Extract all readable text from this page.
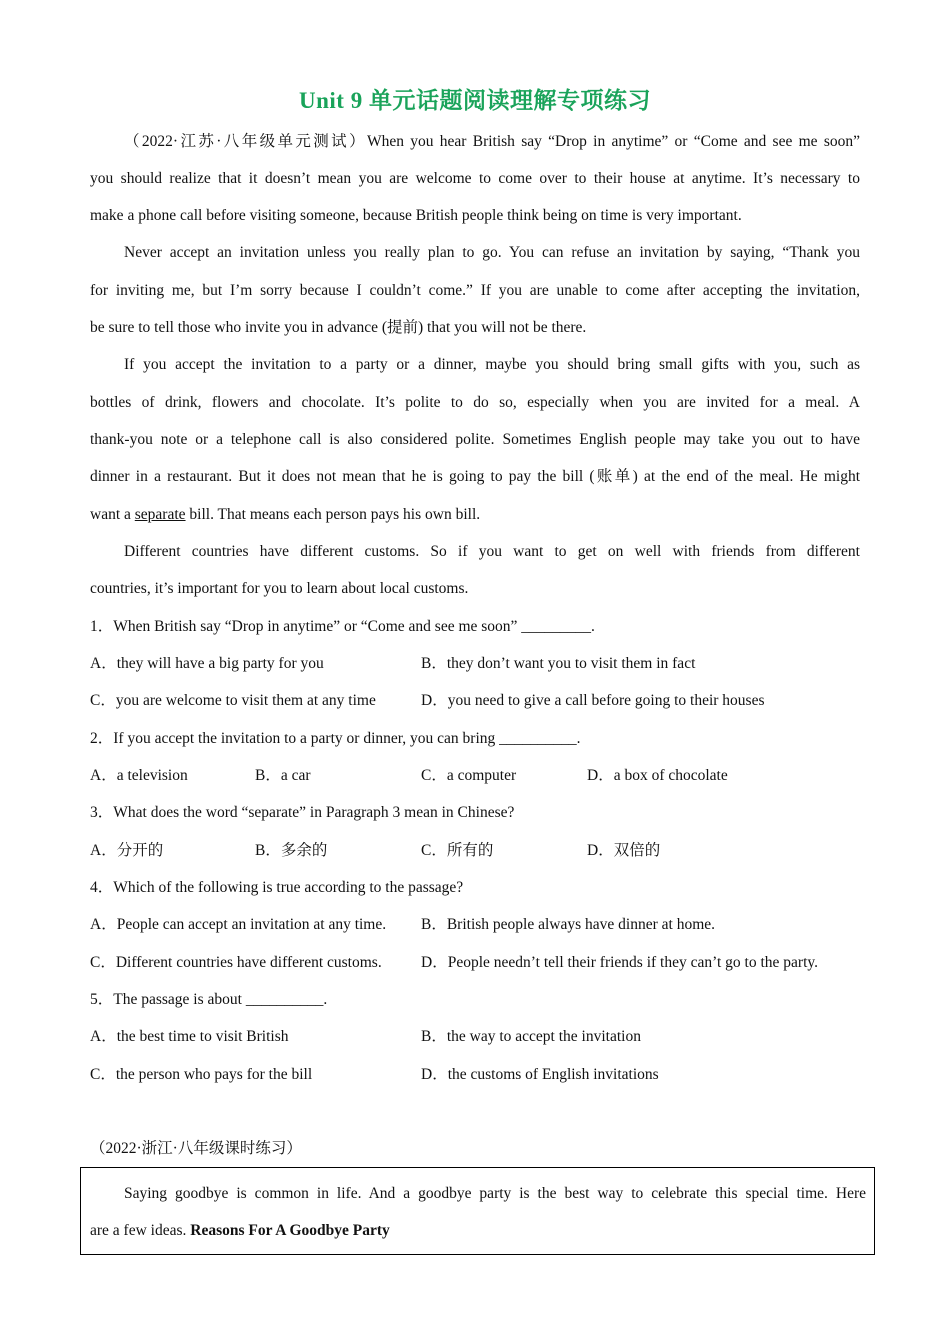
Unit 9 单元话题阅读理解专项练习
（2022·江苏·八年级单元测试）When you hear British say “Drop in anytime” or “Come and see me soon”
you should realize that it doesn’t mean you are welcome to come over to their house at anytime. It’s necessary to
make a phone call before visiting someone, because British people think being on time is very important.
Never accept an invitation unless you really plan to go. You can refuse an invitation by saying, “Thank you
for inviting me, but I’m sorry because I couldn’t come.” If you are unable to come after accepting the invitation,
be sure to tell those who invite you in advance (提前) that you will not be there.
If you accept the invitation to a party or a dinner, maybe you should bring small gifts with you, such as
bottles of drink, flowers and chocolate. It’s polite to do so, especially when you are invited for a meal. A
thank-you note or a telephone call is also considered polite. Sometimes English people may take you out to have
dinner in a restaurant. But it does not mean that he is going to pay the bill (账单) at the end of the meal. He might
want a separate bill. That means each person pays his own bill.
Different countries have different customs. So if you want to get on well with friends from different
countries, it’s important for you to learn about local customs.
1．When British say “Drop in anytime” or “Come and see me soon” _________.
A．they will have a big party for you	B．they don’t want you to visit them in fact
C．you are welcome to visit them at any time	D．you need to give a call before going to their houses
2．If you accept the invitation to a party or dinner, you can bring __________.
A．a television	B．a car	C．a computer	D．a box of chocolate
3．What does the word “separate” in Paragraph 3 mean in Chinese?
A．分开的	B．多余的	C．所有的	D．双倍的
4．Which of the following is true according to the passage?
A．People can accept an invitation at any time. B．British people always have dinner at home.
C．Different countries have different customs.	D．People needn’t tell their friends if they can’t go to the party.
5．The passage is about __________.
A．the best time to visit British	B．the way to accept the invitation
C．the person who pays for the bill	D．the customs of English invitations
（2022·浙江·八年级课时练习）
Saying goodbye is common in life. And a goodbye party is the best way to celebrate this special time. Here
are a few ideas. Reasons For A Goodbye Party
